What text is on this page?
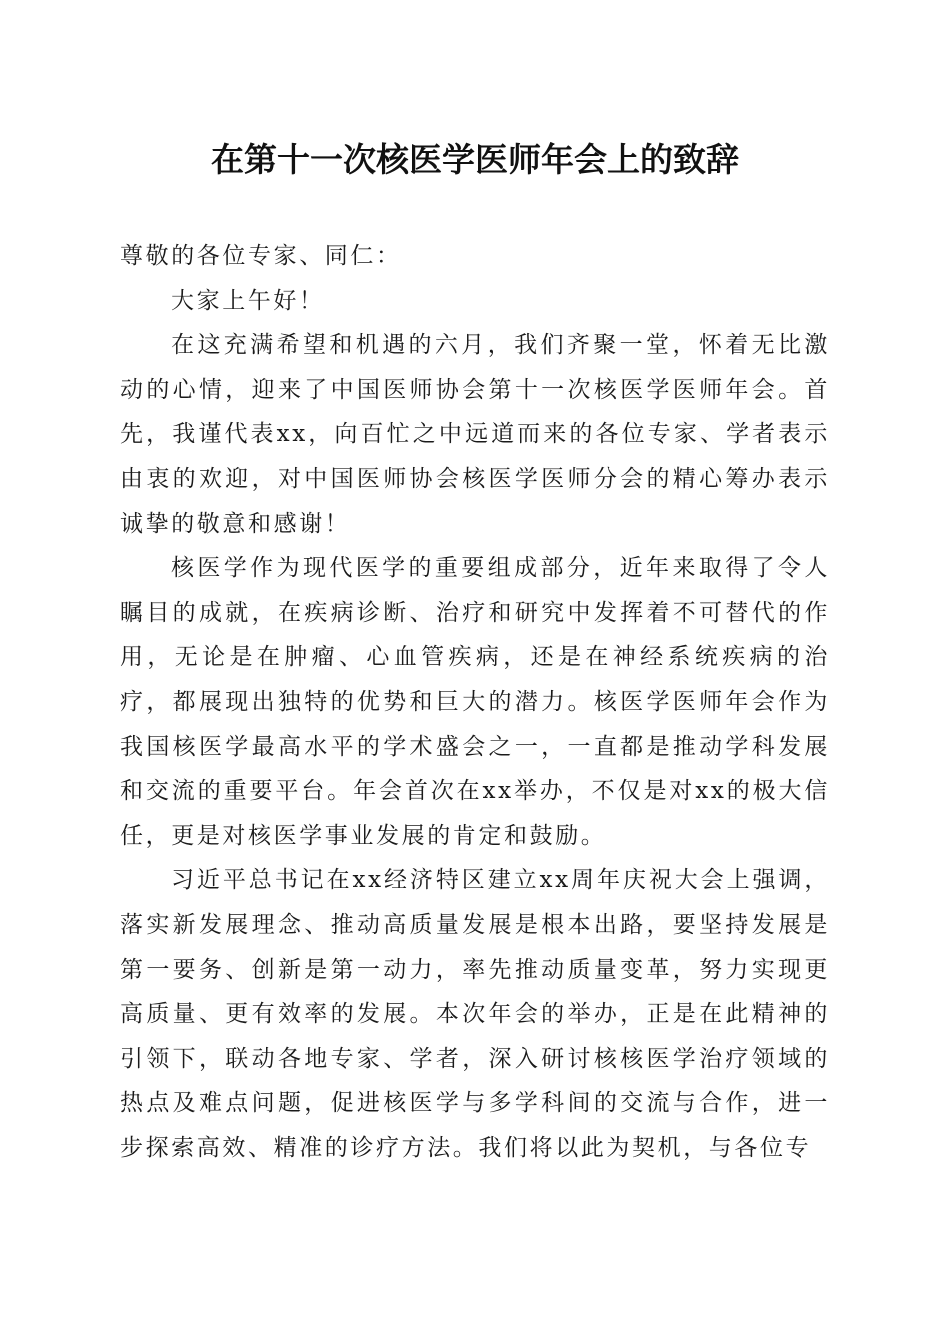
在第十一次核医学医师年会上的致辞

尊敬的各位专家、同仁：

大家上午好！

在这充满希望和机遇的六月，我们齐聚一堂，怀着无比激动的心情，迎来了中国医师协会第十一次核医学医师年会。首先，我谨代表xx，向百忙之中远道而来的各位专家、学者表示由衷的欢迎，对中国医师协会核医学医师分会的精心筹办表示诚挚的敬意和感谢！

核医学作为现代医学的重要组成部分，近年来取得了令人瞩目的成就，在疾病诊断、治疗和研究中发挥着不可替代的作用，无论是在肿瘤、心血管疾病，还是在神经系统疾病的治疗，都展现出独特的优势和巨大的潜力。核医学医师年会作为我国核医学最高水平的学术盛会之一，一直都是推动学科发展和交流的重要平台。年会首次在xx举办，不仅是对xx的极大信任，更是对核医学事业发展的肯定和鼓励。

习近平总书记在xx经济特区建立xx周年庆祝大会上强调，落实新发展理念、推动高质量发展是根本出路，要坚持发展是第一要务、创新是第一动力，率先推动质量变革，努力实现更高质量、更有效率的发展。本次年会的举办，正是在此精神的引领下，联动各地专家、学者，深入研讨核核医学治疗领域的热点及难点问题，促进核医学与多学科间的交流与合作，进一步探索高效、精准的诊疗方法。我们将以此为契机，与各位专
